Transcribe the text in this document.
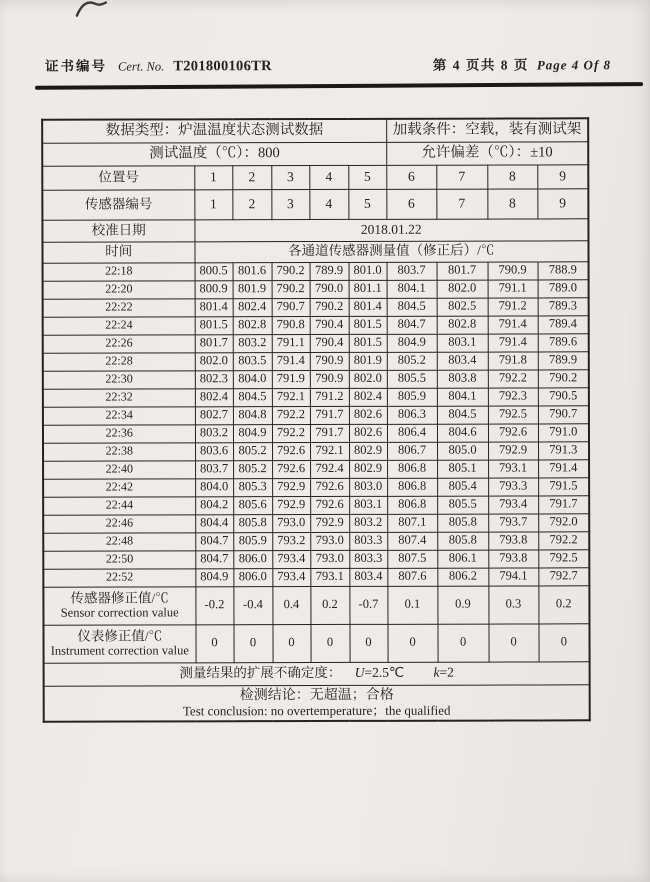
证书编号 Cert. No. T201800106TR	第 4 页共 8 页 Page 4 Of 8
数据类型：炉温温度状态测试数据						加载条件：空载，装有测试架			
测试温度（℃）：800						允许偏差（℃）：±10			
位置号	1	2	3	4	5	6	7	8	9
传感器编号	1	2	3	4	5	6	7	8	9
校准日期	2018.01.22								
时间	各通道传感器测量值（修正后）/℃								
22:18	800.5	801.6	790.2	789.9	801.0	803.7	801.7	790.9	788.9
22:20	800.9	801.9	790.2	790.0	801.1	804.1	802.0	791.1	789.0
22:22	801.4	802.4	790.7	790.2	801.4	804.5	802.5	791.2	789.3
22:24	801.5	802.8	790.8	790.4	801.5	804.7	802.8	791.4	789.4
22:26	801.7	803.2	791.1	790.4	801.5	804.9	803.1	791.4	789.6
22:28	802.0	803.5	791.4	790.9	801.9	805.2	803.4	791.8	789.9
22:30	802.3	804.0	791.9	790.9	802.0	805.5	803.8	792.2	790.2
22:32	802.4	804.5	792.1	791.2	802.4	805.9	804.1	792.3	790.5
22:34	802.7	804.8	792.2	791.7	802.6	806.3	804.5	792.5	790.7
22:36	803.2	804.9	792.2	791.7	802.6	806.4	804.6	792.6	791.0
22:38	803.6	805.2	792.6	792.1	802.9	806.7	805.0	792.9	791.3
22:40	803.7	805.2	792.6	792.4	802.9	806.8	805.1	793.1	791.4
22:42	804.0	805.3	792.9	792.6	803.0	806.8	805.4	793.3	791.5
22:44	804.2	805.6	792.9	792.6	803.1	806.8	805.5	793.4	791.7
22:46	804.4	805.8	793.0	792.9	803.2	807.1	805.8	793.7	792.0
22:48	804.7	805.9	793.2	793.0	803.3	807.4	805.8	793.8	792.2
22:50	804.7	806.0	793.4	793.0	803.3	807.5	806.1	793.8	792.5
22:52	804.9	806.0	793.4	793.1	803.4	807.6	806.2	794.1	792.7

传感器修正值/℃
Sensor correction value	-0.2	-0.4	0.4	0.2	-0.7	0.1	0.9	0.3	0.2

仪表修正值/℃
Instrument correction value	0	0	0	0	0	0	0	0	0
测量结果的扩展不确定度： U=2.5℃ k=2									

检测结论：无超温；合格
Test conclusion: no overtemperature；the qualified									
